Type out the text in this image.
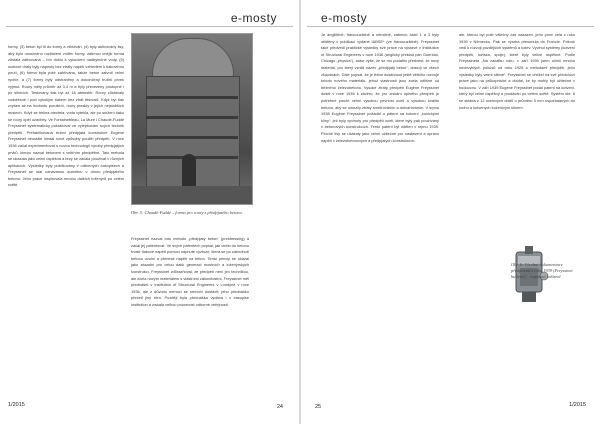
e-mosty

formy, (3) beton byl lit do formy a vibrován, (4) byly aktivovány lisy, aby bylo umožněno roztlačení vnitřní formy, zatímco vnější forma zůstala zafixovaná – tím došlo k vyloučení nadbytečné vody, (5) ocelové dráty byly napnuty bez ztráty napětí vzhledem k tlakovému pnutí, (6) forma byla poté zahřívána, takže beton zatvrdl velmi rychle, a (7) formy byly odstraněny a dokončený trubní prvek vyjmut. Roury měly průměr až 3,4 m a byly převezeny postupně i po silnicích. Testovány tlak byl až 18 atmosfér. Roury zůstávaly vodotěsné i pod vysokým tlakem bez ztrát těsnosti. Když byl tlak zvýšen až na hodnotu porušení, roury praskly v jejich nejslabších místech. Když se trhlina otevřela, voda vytekla, ale po snížení tlaku se roury opět uzavřely. Ve Fontainebleau, La Mure i Chaudé-Fuddé Freyssinet systematicky pokračoval ve vylepšování svých technik předpětí. Prefabrikovaná trubní předpjatá konstrukce Eugène Freyssinet neustále hledal nové způsoby použití předpětí. V roce 1936 začal experimentovat s novou technologií výroby předpjatých prvků, kterou nazval betonem s vnitřním předpětím. Tato metoda se ukázala jako velmi úspěšná a brzy se začala používat v různých aplikacích. Výsledky byly publikovány v odborných časopisech a Freyssinet se stal uznávanou autoritou v oboru předpjatého betonu. Jeho práce inspirovala mnoho dalších inženýrů po celém světě.

Obr. 5: Chaudé-Fuddé – forma pro roury z předpjatého betonu

Freyssinet nazval tuto metodu „předpjatý beton“ (prestressing) a začal jej patentovat. Ve svých patentech popsal, jak vnést do betonu trvalé tlakové napětí pomocí napnuté výztuže, která se po zatvrdnutí betonu uvolní a přenese napětí na beton. Tento princip se ukázal jako zásadní pro celou další generaci mostních a inženýrských konstrukcí. Freyssinet zdůrazňoval, že předpětí není jen technikou, ale zcela novým materiálem s vlastními zákonitostmi. Freyssinet měl přednášet v Institution of Structural Engineers v Londýně v roce 1936, ale z důvodu nemoci se nemohl dostavit; jeho přednášku přečetl jiný člen. Později byla přednáška vydána i v časopise Institution a získala velkou pozornost odborné veřejnosti.

1/2015	24
e-mosty

Je angličtině, francouzštině a němčině, zatímco části 1 a 3 byly otištěny v publikaci vydané IABSE* (ve francouzštině). Freyssinet také předvedl praktické výsledky své práce na výstavě v Institution of Structural Engineers v roce 1936 (anglický překlad pan Guentan, Chicago „physics“), autor výše, že se mu podařilo předvést, že nový materiál, pro který vznikl název „předpjatý beton“, obstojí ve všech zkouškách. Dále popsal, že je třeba dosáhnout ještě většího rozvoje tohoto nového materiálu, jehož vlastnosti jsou zcela odlišné od běžného železobetonu. Vysoké ztráty předpětí Eugène Freyssinet došel v roce 1936 k závěru, že pro získání úplného předpětí je potřebné použít velmi vysokou pevnost oceli a vysokou kvalitu betonu, aby se omezily ztráty smršťováním a dotvarováním. V srpnu 1938 Eugène Freyssinet požádal o patent na kotvení „konickými klíny“, jež byly vyvinuty pro předpětí oceli, které byly pak používány v betonových konstrukcích. Tento patent byl udělen v srpnu 1939. Ploché lisy se ukázaly jako velmi užitečné pro nastavení a úpravu napětí v železobetonových a předpjatých konstrukcích.

ale, kterou byl poté válečný čas nasazen, jeho první celá z roku 1939 v Německu. Pak se výroba přesunula do Francie. Pokrok vedl k rozvoji pozdějších systémů a kotev. Vyvinul systémy (kotvení předpětí, ložiska, spoje), které byly velice úspěšné. Podle Freyssineta „Na začátku roku, v září 1939 jsem učinil mnoho neobvyklých pokusů od roku 1928 s metodami předpětí, jeho výsledky byly velmi slibné“. Freyssinet se ohlížel na své předchozí práce jako na průkopnické a doufal, že by mohly být užitečné v budoucnu. V září 1939 Eugène Freyssinet podal patent na kotvení, který byl velmi úspěšný a prodáván po celém světě. Systém obr. 6 se skládá z 12 ocelových drátů o průměru 5 mm uspořádaných do kruhu a kotvených kuželovým klínem.

Obr. 6: Výrobní dokumentace předpínání z roku 1939 (Freyssinet bulletin) – napínací zařízení
25	1/2015
